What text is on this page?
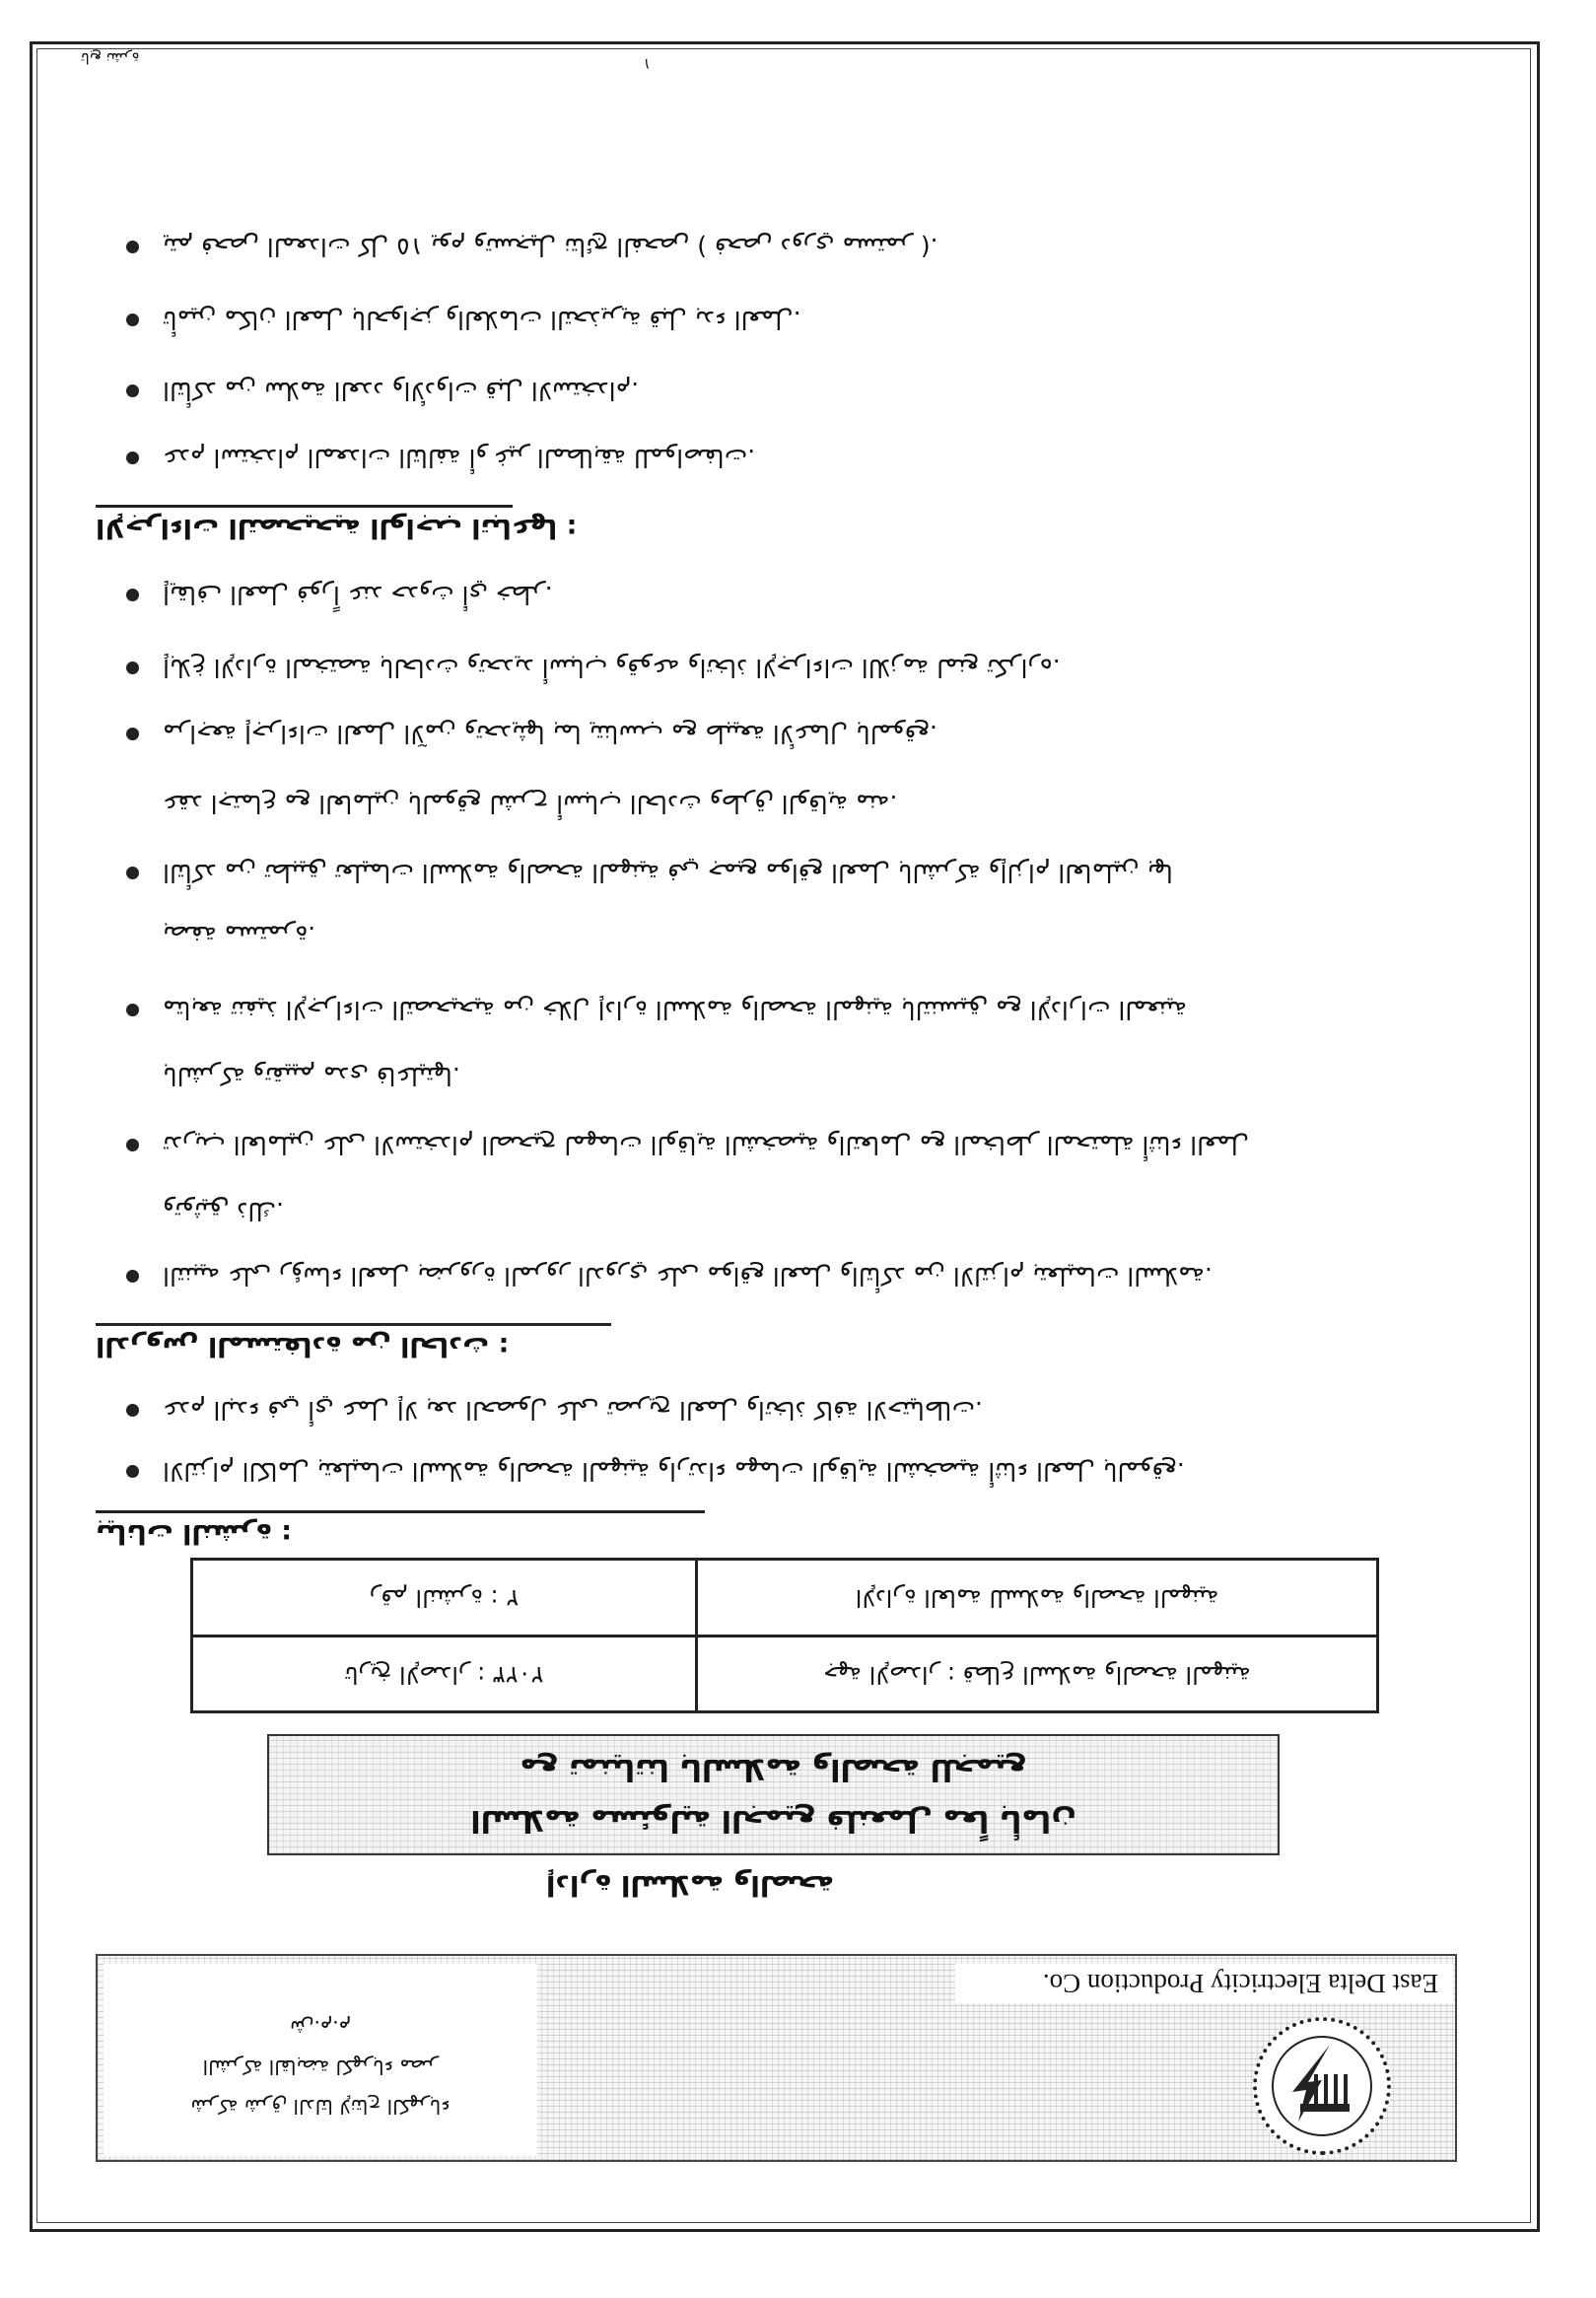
تابع نشرة	١
عدم استخدام المعدات التالفة أو غير المطابقة للمواصفات.
التأكد من سلامة العدد والأدوات قبل الاستخدام.
تأمين مكان العمل بالحواجز والعلامات التحذيرية قبل بدء العمل.
يتم فحص المعدات كل ١٥ يوم وتسجيل نتائج الفحص ( فحص دوري مستمر ).
الإجراءات التصحيحية الواجب اتباعها :
إيقاف العمل فوراً عند حدوث أي خطر.
إبلاغ الإدارة المختصة بالحادث وتحديد أسباب وقوعه واتخاذ الإجراءات اللازمة لمنع تكراره.
مراجعة إجراءات العمل الآمن وتحديثها بما يتناسب مع طبيعة الأعمال بالموقع.
عقد اجتماع مع العاملين بالموقع لشرح أسباب الحادث وطرق الوقاية منه.
التأكد من تطبيق تعليمات السلامة والصحة المهنية في جميع مواقع العمل بالشركة وإلزام العاملين بها
بصفة مستمرة.
متابعة تنفيذ الإجراءات التصحيحية من خلال إدارة السلامة والصحة المهنية بالتنسيق مع الإدارات المعنية
بالشركة وتقييم مدى فاعليتها.
تدريب العاملين على الاستخدام الصحيح لمهمات الوقاية الشخصية والتعامل مع المخاطر المحتملة أثناء العمل
وتوثيق ذلك.
التنبيه على رؤساء العمل بضرورة المرور الدوري على مواقع العمل والتأكد من الالتزام بتعليمات السلامة.
الدروس المستفادة من الحادث :
عدم البدء في أي عمل إلا بعد الحصول على تصريح العمل واتخاذ كافة الاحتياطات.
الالتزام الكامل بتعليمات السلامة والصحة المهنية وارتداء مهمات الوقاية الشخصية أثناء العمل بالموقع.
بيانات النشرة :
رقم النشرة : ٢	الإدارة العامة للسلامة والصحة المهنية
تاريخ الإصدار : ٢٠٢٣	جهة الإصدار : قطاع السلامة والصحة المهنية
مع تمنياتنا بالسلامة والصحة للجميع
السلامة مسئولية الجميع فلنعمل معاً بأمان
إدارة السلامة والصحة
East Delta Electricity Production Co.
الشركة القابضة لكهرباء مصر
شركة شرق الدلتا لإنتاج الكهرباء
ش.م.م
